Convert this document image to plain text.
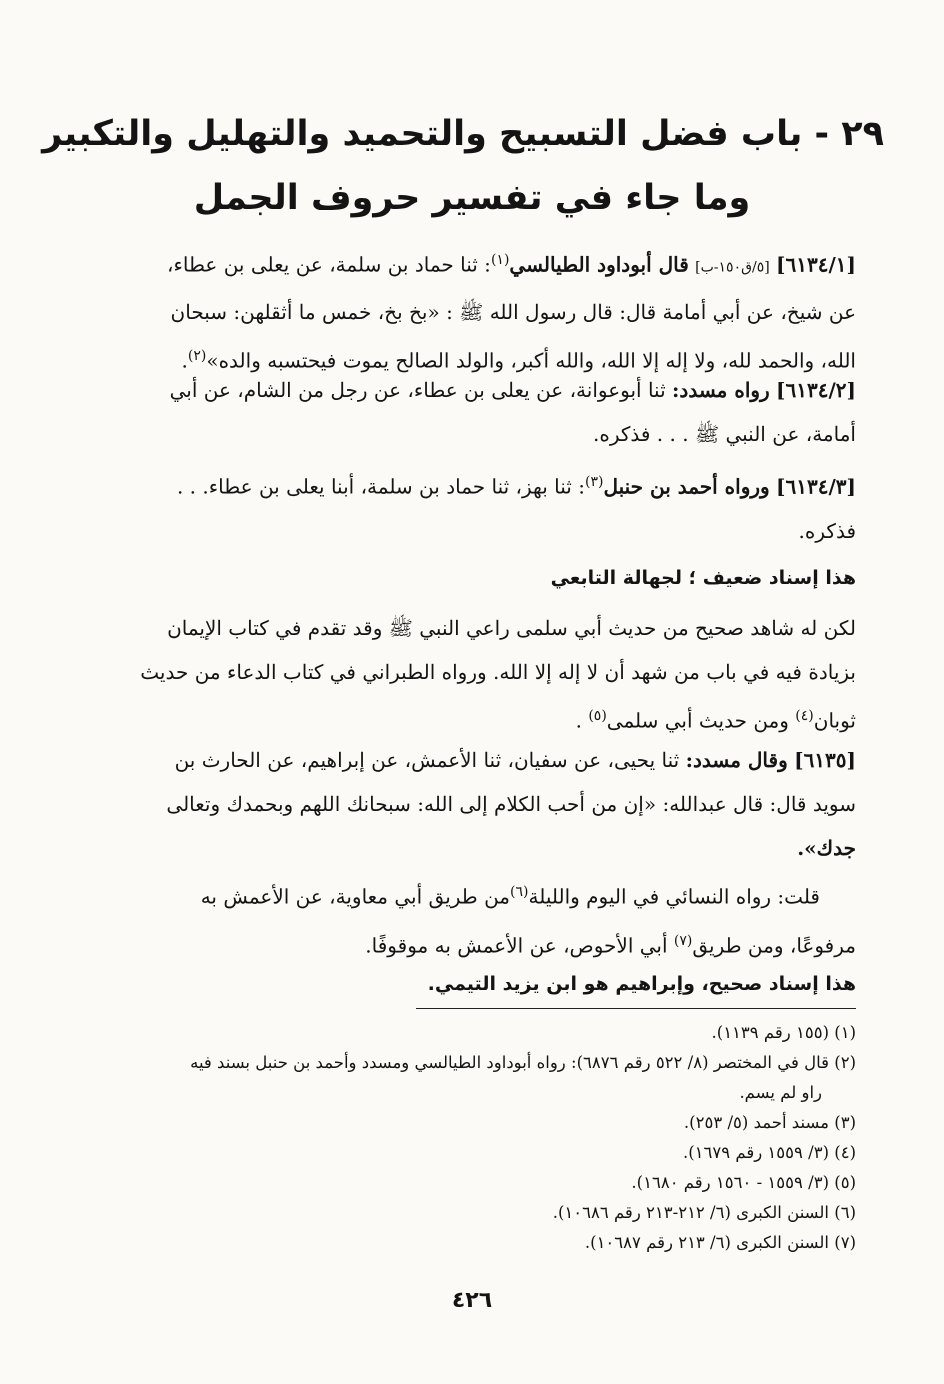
٢٩ - باب فضل التسبيح والتحميد والتهليل والتكبير
وما جاء في تفسير حروف الجمل
[٦١٣٤/١] [٥/ق١٥٠-ب] قال أبوداود الطيالسي$^{(١)}$: ثنا حماد بن سلمة، عن يعلى بن عطاء،
عن شيخ، عن أبي أمامة قال: قال رسول الله ﷺ : «بخ بخ، خمس ما أثقلهن: سبحان
الله، والحمد لله، ولا إله إلا الله، والله أكبر، والولد الصالح يموت فيحتسبه والده»$^{(٢)}$.
[٦١٣٤/٢] رواه مسدد: ثنا أبوعوانة، عن يعلى بن عطاء، عن رجل من الشام، عن أبي
أمامة، عن النبي ﷺ . . . فذكره.
[٦١٣٤/٣] ورواه أحمد بن حنبل$^{(٣)}$: ثنا بهز، ثنا حماد بن سلمة، أبنا يعلى بن عطاء. . .
فذكره.
هذا إسناد ضعيف ؛ لجهالة التابعي
لكن له شاهد صحيح من حديث أبي سلمى راعي النبي ﷺ وقد تقدم في كتاب الإيمان
بزيادة فيه في باب من شهد أن لا إله إلا الله. ورواه الطبراني في كتاب الدعاء من حديث
ثوبان$^{(٤)}$ ومن حديث أبي سلمى$^{(٥)}$ .
[٦١٣٥] وقال مسدد: ثنا يحيى، عن سفيان، ثنا الأعمش، عن إبراهيم، عن الحارث بن
سويد قال: قال عبدالله: «إن من أحب الكلام إلى الله: سبحانك اللهم وبحمدك وتعالى
جدك».
قلت: رواه النسائي في اليوم والليلة$^{(٦)}$من طريق أبي معاوية، عن الأعمش به
مرفوعًا، ومن طريق$^{(٧)}$ أبي الأحوص، عن الأعمش به موقوفًا.
هذا إسناد صحيح، وإبراهيم هو ابن يزيد التيمي.
(١) (١٥٥ رقم ١١٣٩).
(٢) قال في المختصر (٨/ ٥٢٢ رقم ٦٨٧٦): رواه أبوداود الطيالسي ومسدد وأحمد بن حنبل بسند فيه
راو لم يسم.
(٣) مسند أحمد (٥/ ٢٥٣).
(٤) (٣/ ١٥٥٩ رقم ١٦٧٩).
(٥) (٣/ ١٥٥٩ - ١٥٦٠ رقم ١٦٨٠).
(٦) السنن الكبرى (٦/ ٢١٢-٢١٣ رقم ١٠٦٨٦).
(٧) السنن الكبرى (٦/ ٢١٣ رقم ١٠٦٨٧).
٤٢٦
